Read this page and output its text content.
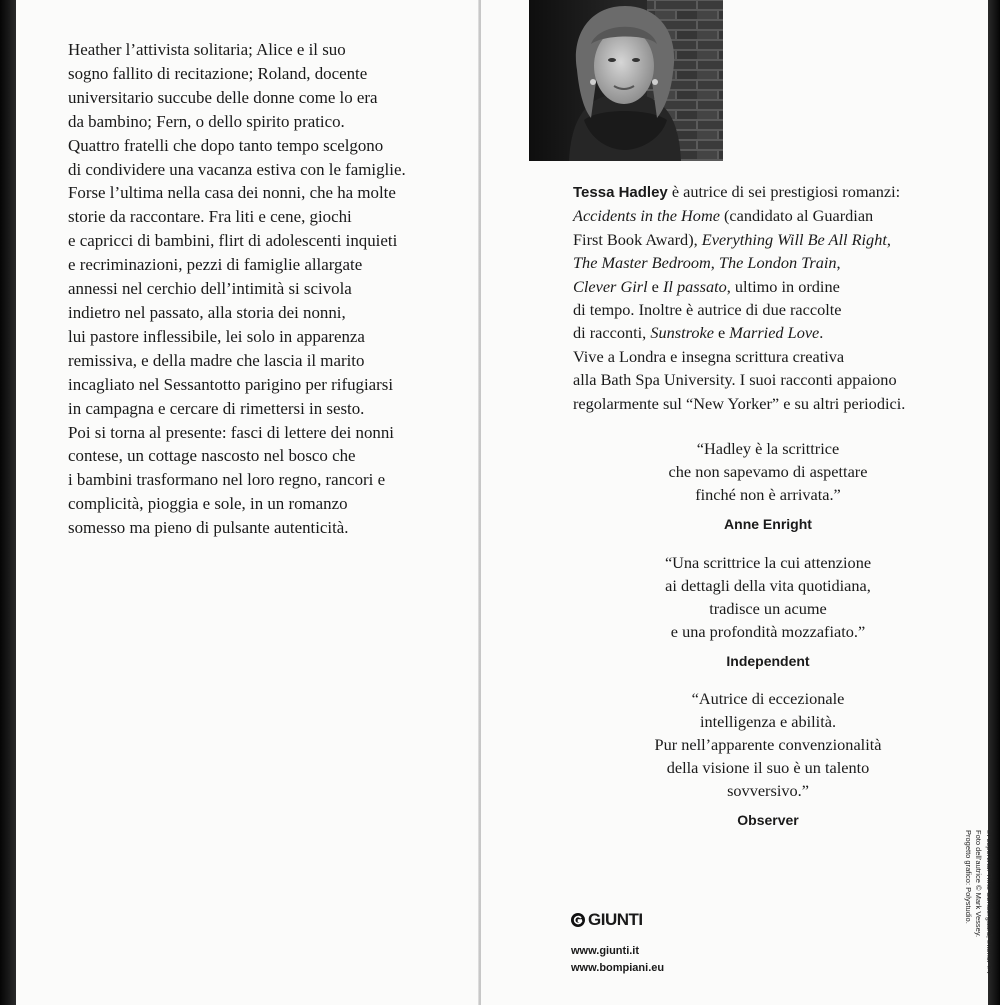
Heather l’attivista solitaria; Alice e il suo
sogno fallito di recitazione; Roland, docente
universitario succube delle donne come lo era
da bambino; Fern, o dello spirito pratico.
Quattro fratelli che dopo tanto tempo scelgono
di condividere una vacanza estiva con le famiglie.
Forse l’ultima nella casa dei nonni, che ha molte
storie da raccontare. Fra liti e cene, giochi
e capricci di bambini, flirt di adolescenti inquieti
e recriminazioni, pezzi di famiglie allargate
annessi nel cerchio dell’intimità si scivola
indietro nel passato, alla storia dei nonni,
lui pastore inflessibile, lei solo in apparenza
remissiva, e della madre che lascia il marito
incagliato nel Sessantotto parigino per rifugiarsi
in campagna e cercare di rimettersi in sesto.
Poi si torna al presente: fasci di lettere dei nonni
contese, un cottage nascosto nel bosco che
i bambini trasformano nel loro regno, rancori e
complicità, pioggia e sole, in un romanzo
somesso ma pieno di pulsante autenticità.

Tessa Hadley è autrice di sei prestigiosi romanzi:
Accidents in the Home (candidato al Guardian
First Book Award), Everything Will Be All Right,
The Master Bedroom, The London Train,
Clever Girl e Il passato, ultimo in ordine
di tempo. Inoltre è autrice di due raccolte
di racconti, Sunstroke e Married Love.
Vive a Londra e insegna scrittura creativa
alla Bath Spa University. I suoi racconti appaiono
regolarmente sul “New Yorker” e su altri periodici.
“Hadley è la scrittrice
che non sapevamo di aspettare
finché non è arrivata.”
Anne Enright
“Una scrittrice la cui attenzione
ai dettagli della vita quotidiana,
tradisce un acume
e una profondità mozzafiato.”
Independent
“Autrice di eccezionale
intelligenza e abilità.
Pur nell’apparente convenzionalità
della visione il suo è un talento
sovversivo.”
Observer
GIUNTI
www.giunti.it
www.bompiani.eu	In copertina: Trine Søndergaard, Interior #4
Foto dell’autrice © Mark Vessey.
Progetto grafico: Polystudio.
